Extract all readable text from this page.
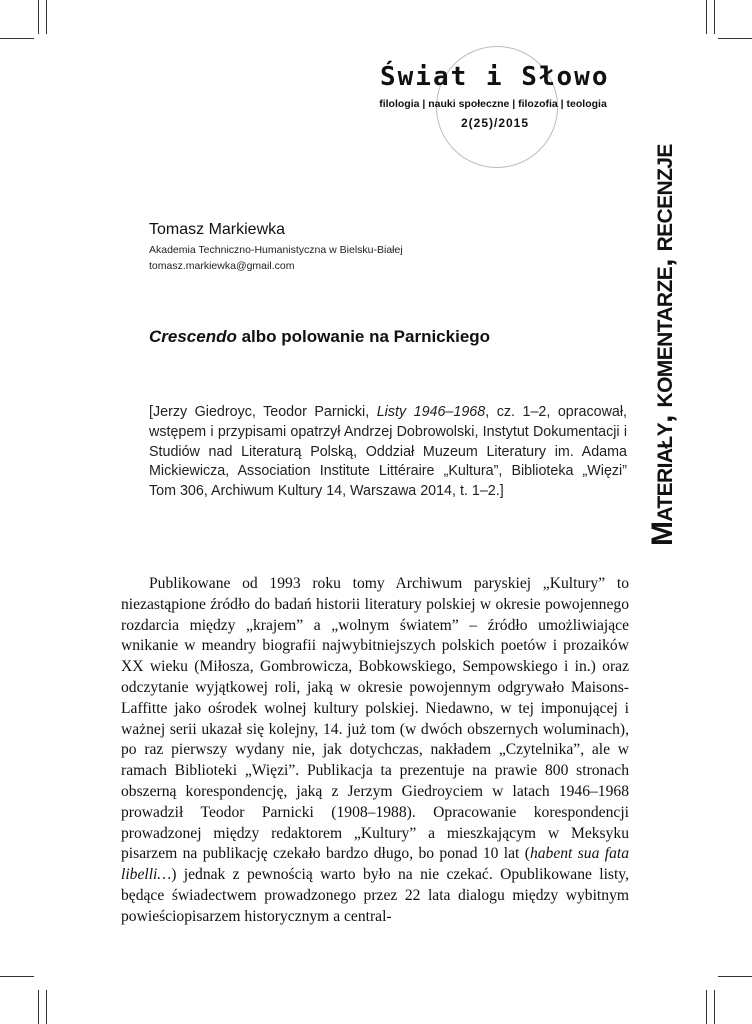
Świat i Słowo
filologia | nauki społeczne | filozofia | teologia
2(25)/2015
Materiały, komentarze, recenzje
Tomasz Markiewka
Akademia Techniczno-Humanistyczna w Bielsku-Białej
tomasz.markiewka@gmail.com
Crescendo albo polowanie na Parnickiego
[Jerzy Giedroyc, Teodor Parnicki, Listy 1946–1968, cz. 1–2, opracował, wstępem i przypisami opatrzył Andrzej Dobrowolski, Instytut Dokumentacji i Studiów nad Literaturą Polską, Oddział Muzeum Literatury im. Adama Mickiewicza, Association Institute Littéraire „Kultura”, Biblioteka „Więzi” Tom 306, Archiwum Kultury 14, Warszawa 2014, t. 1–2.]

Publikowane od 1993 roku tomy Archiwum paryskiej „Kultury” to niezastąpione źródło do badań historii literatury polskiej w okresie powojennego rozdarcia między „krajem” a „wolnym światem” – źródło umożliwiające wnikanie w meandry biografii najwybitniejszych polskich poetów i prozaików XX wieku (Miłosza, Gombrowicza, Bobkowskiego, Sempowskiego i in.) oraz odczytanie wyjątkowej roli, jaką w okresie powojennym odgrywało Maisons-Laffitte jako ośrodek wolnej kultury polskiej. Niedawno, w tej imponującej i ważnej serii ukazał się kolejny, 14. już tom (w dwóch obszernych woluminach), po raz pierwszy wydany nie, jak dotychczas, nakładem „Czytelnika”, ale w ramach Biblioteki „Więzi”. Publikacja ta prezentuje na prawie 800 stronach obszerną korespondencję, jaką z Jerzym Giedroyciem w latach 1946–1968 prowadził Teodor Parnicki (1908–1988). Opracowanie korespondencji prowadzonej między redaktorem „Kultury” a mieszkającym w Meksyku pisarzem na publikację czekało bardzo długo, bo ponad 10 lat (habent sua fata libelli…) jednak z pewnością warto było na nie czekać. Opublikowane listy, będące świadectwem prowadzonego przez 22 lata dialogu między wybitnym powieściopisarzem historycznym a central-
